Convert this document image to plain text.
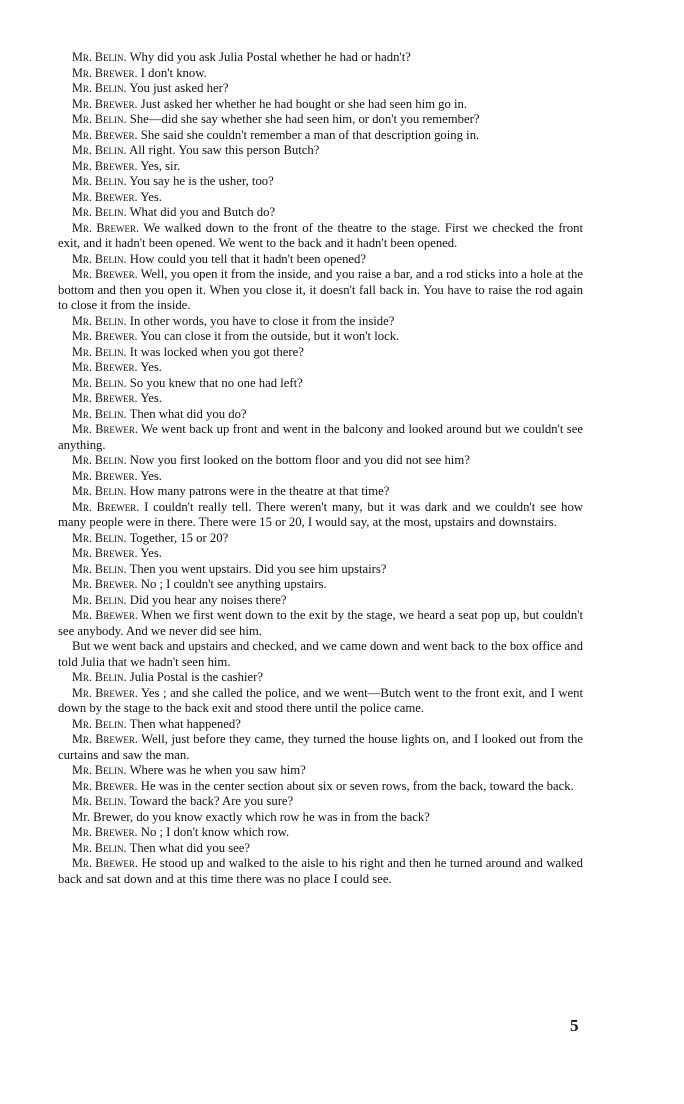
Mr. Belin. Why did you ask Julia Postal whether he had or hadn't?

Mr. Brewer. I don't know.

Mr. Belin. You just asked her?

Mr. Brewer. Just asked her whether he had bought or she had seen him go in.

Mr. Belin. She—did she say whether she had seen him, or don't you remember?

Mr. Brewer. She said she couldn't remember a man of that description going in.

Mr. Belin. All right. You saw this person Butch?

Mr. Brewer. Yes, sir.

Mr. Belin. You say he is the usher, too?

Mr. Brewer. Yes.

Mr. Belin. What did you and Butch do?

Mr. Brewer. We walked down to the front of the theatre to the stage. First we checked the front exit, and it hadn't been opened. We went to the back and it hadn't been opened.

Mr. Belin. How could you tell that it hadn't been opened?

Mr. Brewer. Well, you open it from the inside, and you raise a bar, and a rod sticks into a hole at the bottom and then you open it. When you close it, it doesn't fall back in. You have to raise the rod again to close it from the inside.

Mr. Belin. In other words, you have to close it from the inside?

Mr. Brewer. You can close it from the outside, but it won't lock.

Mr. Belin. It was locked when you got there?

Mr. Brewer. Yes.

Mr. Belin. So you knew that no one had left?

Mr. Brewer. Yes.

Mr. Belin. Then what did you do?

Mr. Brewer. We went back up front and went in the balcony and looked around but we couldn't see anything.

Mr. Belin. Now you first looked on the bottom floor and you did not see him?

Mr. Brewer. Yes.

Mr. Belin. How many patrons were in the theatre at that time?

Mr. Brewer. I couldn't really tell. There weren't many, but it was dark and we couldn't see how many people were in there. There were 15 or 20, I would say, at the most, upstairs and downstairs.

Mr. Belin. Together, 15 or 20?

Mr. Brewer. Yes.

Mr. Belin. Then you went upstairs. Did you see him upstairs?

Mr. Brewer. No ; I couldn't see anything upstairs.

Mr. Belin. Did you hear any noises there?

Mr. Brewer. When we first went down to the exit by the stage, we heard a seat pop up, but couldn't see anybody. And we never did see him.

But we went back and upstairs and checked, and we came down and went back to the box office and told Julia that we hadn't seen him.

Mr. Belin. Julia Postal is the cashier?

Mr. Brewer. Yes ; and she called the police, and we went—Butch went to the front exit, and I went down by the stage to the back exit and stood there until the police came.

Mr. Belin. Then what happened?

Mr. Brewer. Well, just before they came, they turned the house lights on, and I looked out from the curtains and saw the man.

Mr. Belin. Where was he when you saw him?

Mr. Brewer. He was in the center section about six or seven rows, from the back, toward the back.

Mr. Belin. Toward the back? Are you sure?

Mr. Brewer, do you know exactly which row he was in from the back?

Mr. Brewer. No ; I don't know which row.

Mr. Belin. Then what did you see?

Mr. Brewer. He stood up and walked to the aisle to his right and then he turned around and walked back and sat down and at this time there was no place I could see.

5
